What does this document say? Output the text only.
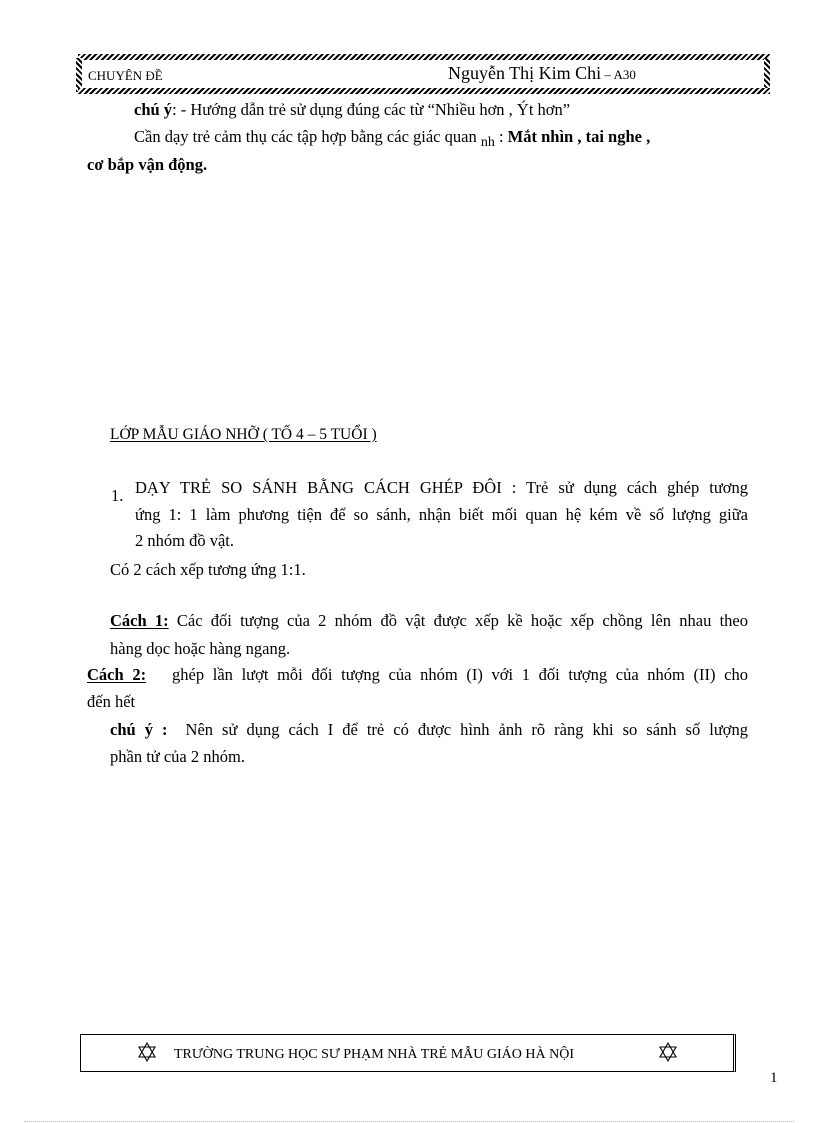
CHUYÊN ĐỀ	Nguyễn Thị Kim Chi – A30

chú ý: - Hướng dẫn trẻ sử dụng đúng các từ “Nhiều hơn , Ýt hơn”

Cần dạy trẻ cảm thụ các tập hợp bằng các giác quan $_{nh}$ : Mắt nhìn , tai nghe ,

cơ bắp vận động.

LỚP MẪU GIÁO NHỠ ( TỐ 4 – 5 TUỔI )

1. DẠY TRẺ SO SÁNH BẰNG CÁCH GHÉP ĐÔI : Trẻ sử dụng cách ghép tương

ứng 1: 1 làm phương tiện để so sánh, nhận biết mối quan hệ kém về số lượng giữa

2 nhóm đồ vật.

Có 2 cách xếp tương ứng 1:1.

Cách 1: Các đối tượng của 2 nhóm đồ vật được xếp kề hoặc xếp chồng lên nhau theo

hàng dọc hoặc hàng ngang.

Cách 2:   ghép lần lượt mỗi đối tượng của nhóm (I) với 1 đối tượng của nhóm (II) cho

đến hết

chú ý :  Nên sử dụng cách I để trẻ có được hình ảnh rõ ràng khi so sánh số lượng

phần tử của 2 nhóm.

TRƯỜNG TRUNG HỌC SƯ PHẠM NHÀ TRẺ MẪU GIÁO HÀ NỘI
1
